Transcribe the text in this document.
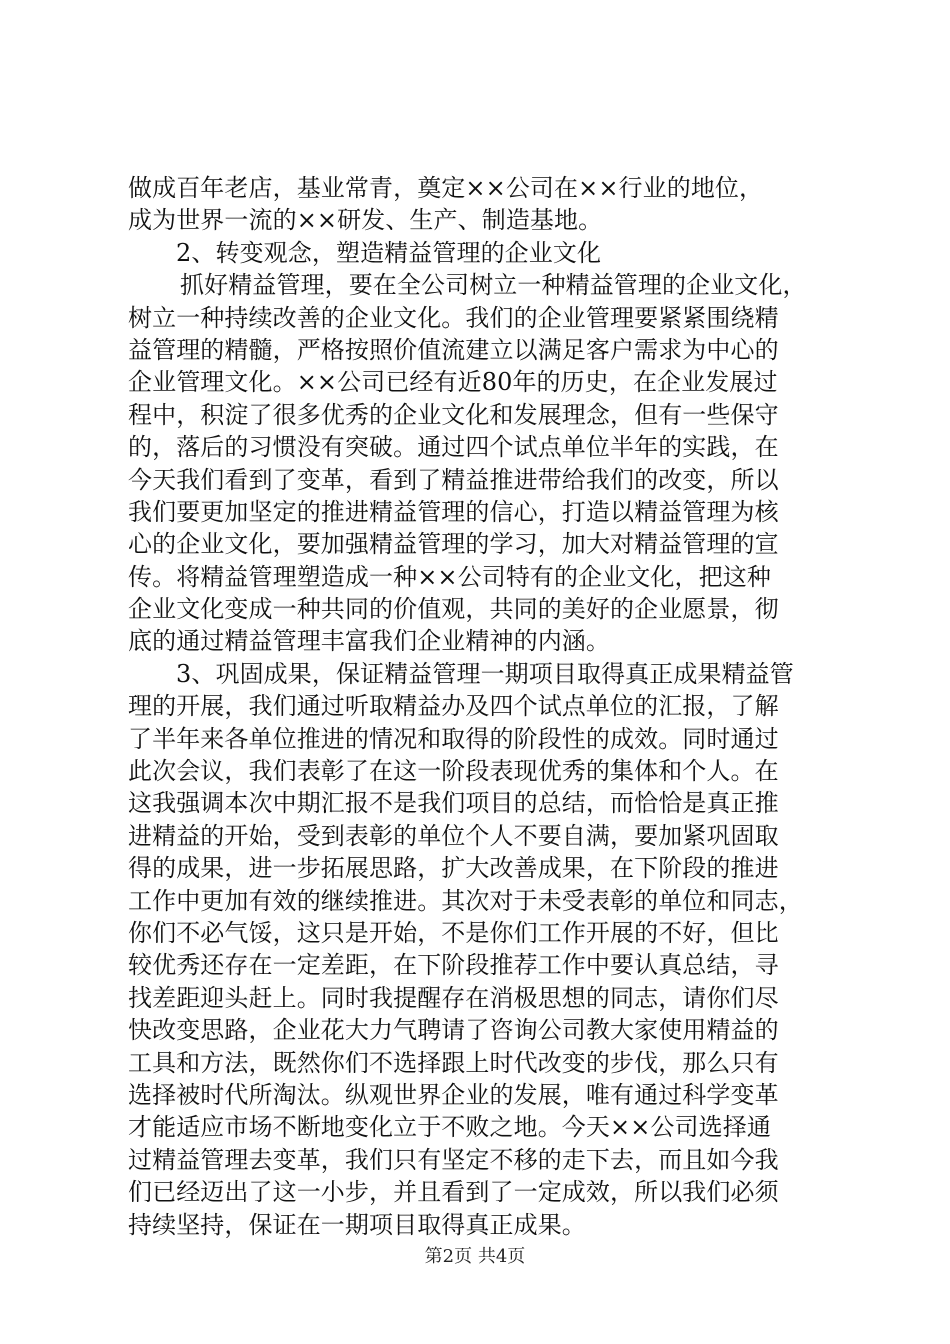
做成百年老店，基业常青，奠定××公司在××行业的地位，
成为世界一流的××研发、生产、制造基地。
2、转变观念，塑造精益管理的企业文化
抓好精益管理，要在全公司树立一种精益管理的企业文化，
树立一种持续改善的企业文化。我们的企业管理要紧紧围绕精
益管理的精髓，严格按照价值流建立以满足客户需求为中心的
企业管理文化。××公司已经有近80年的历史，在企业发展过
程中，积淀了很多优秀的企业文化和发展理念，但有一些保守
的，落后的习惯没有突破。通过四个试点单位半年的实践，在
今天我们看到了变革，看到了精益推进带给我们的改变，所以
我们要更加坚定的推进精益管理的信心，打造以精益管理为核
心的企业文化，要加强精益管理的学习，加大对精益管理的宣
传。将精益管理塑造成一种××公司特有的企业文化，把这种
企业文化变成一种共同的价值观，共同的美好的企业愿景，彻
底的通过精益管理丰富我们企业精神的内涵。
3、巩固成果，保证精益管理一期项目取得真正成果精益管
理的开展，我们通过听取精益办及四个试点单位的汇报，了解
了半年来各单位推进的情况和取得的阶段性的成效。同时通过
此次会议，我们表彰了在这一阶段表现优秀的集体和个人。在
这我强调本次中期汇报不是我们项目的总结，而恰恰是真正推
进精益的开始，受到表彰的单位个人不要自满，要加紧巩固取
得的成果，进一步拓展思路，扩大改善成果，在下阶段的推进
工作中更加有效的继续推进。其次对于未受表彰的单位和同志，
你们不必气馁，这只是开始，不是你们工作开展的不好，但比
较优秀还存在一定差距，在下阶段推荐工作中要认真总结，寻
找差距迎头赶上。同时我提醒存在消极思想的同志，请你们尽
快改变思路，企业花大力气聘请了咨询公司教大家使用精益的
工具和方法，既然你们不选择跟上时代改变的步伐，那么只有
选择被时代所淘汰。纵观世界企业的发展，唯有通过科学变革
才能适应市场不断地变化立于不败之地。今天××公司选择通
过精益管理去变革，我们只有坚定不移的走下去，而且如今我
们已经迈出了这一小步，并且看到了一定成效，所以我们必须
持续坚持，保证在一期项目取得真正成果。
第2页 共4页
